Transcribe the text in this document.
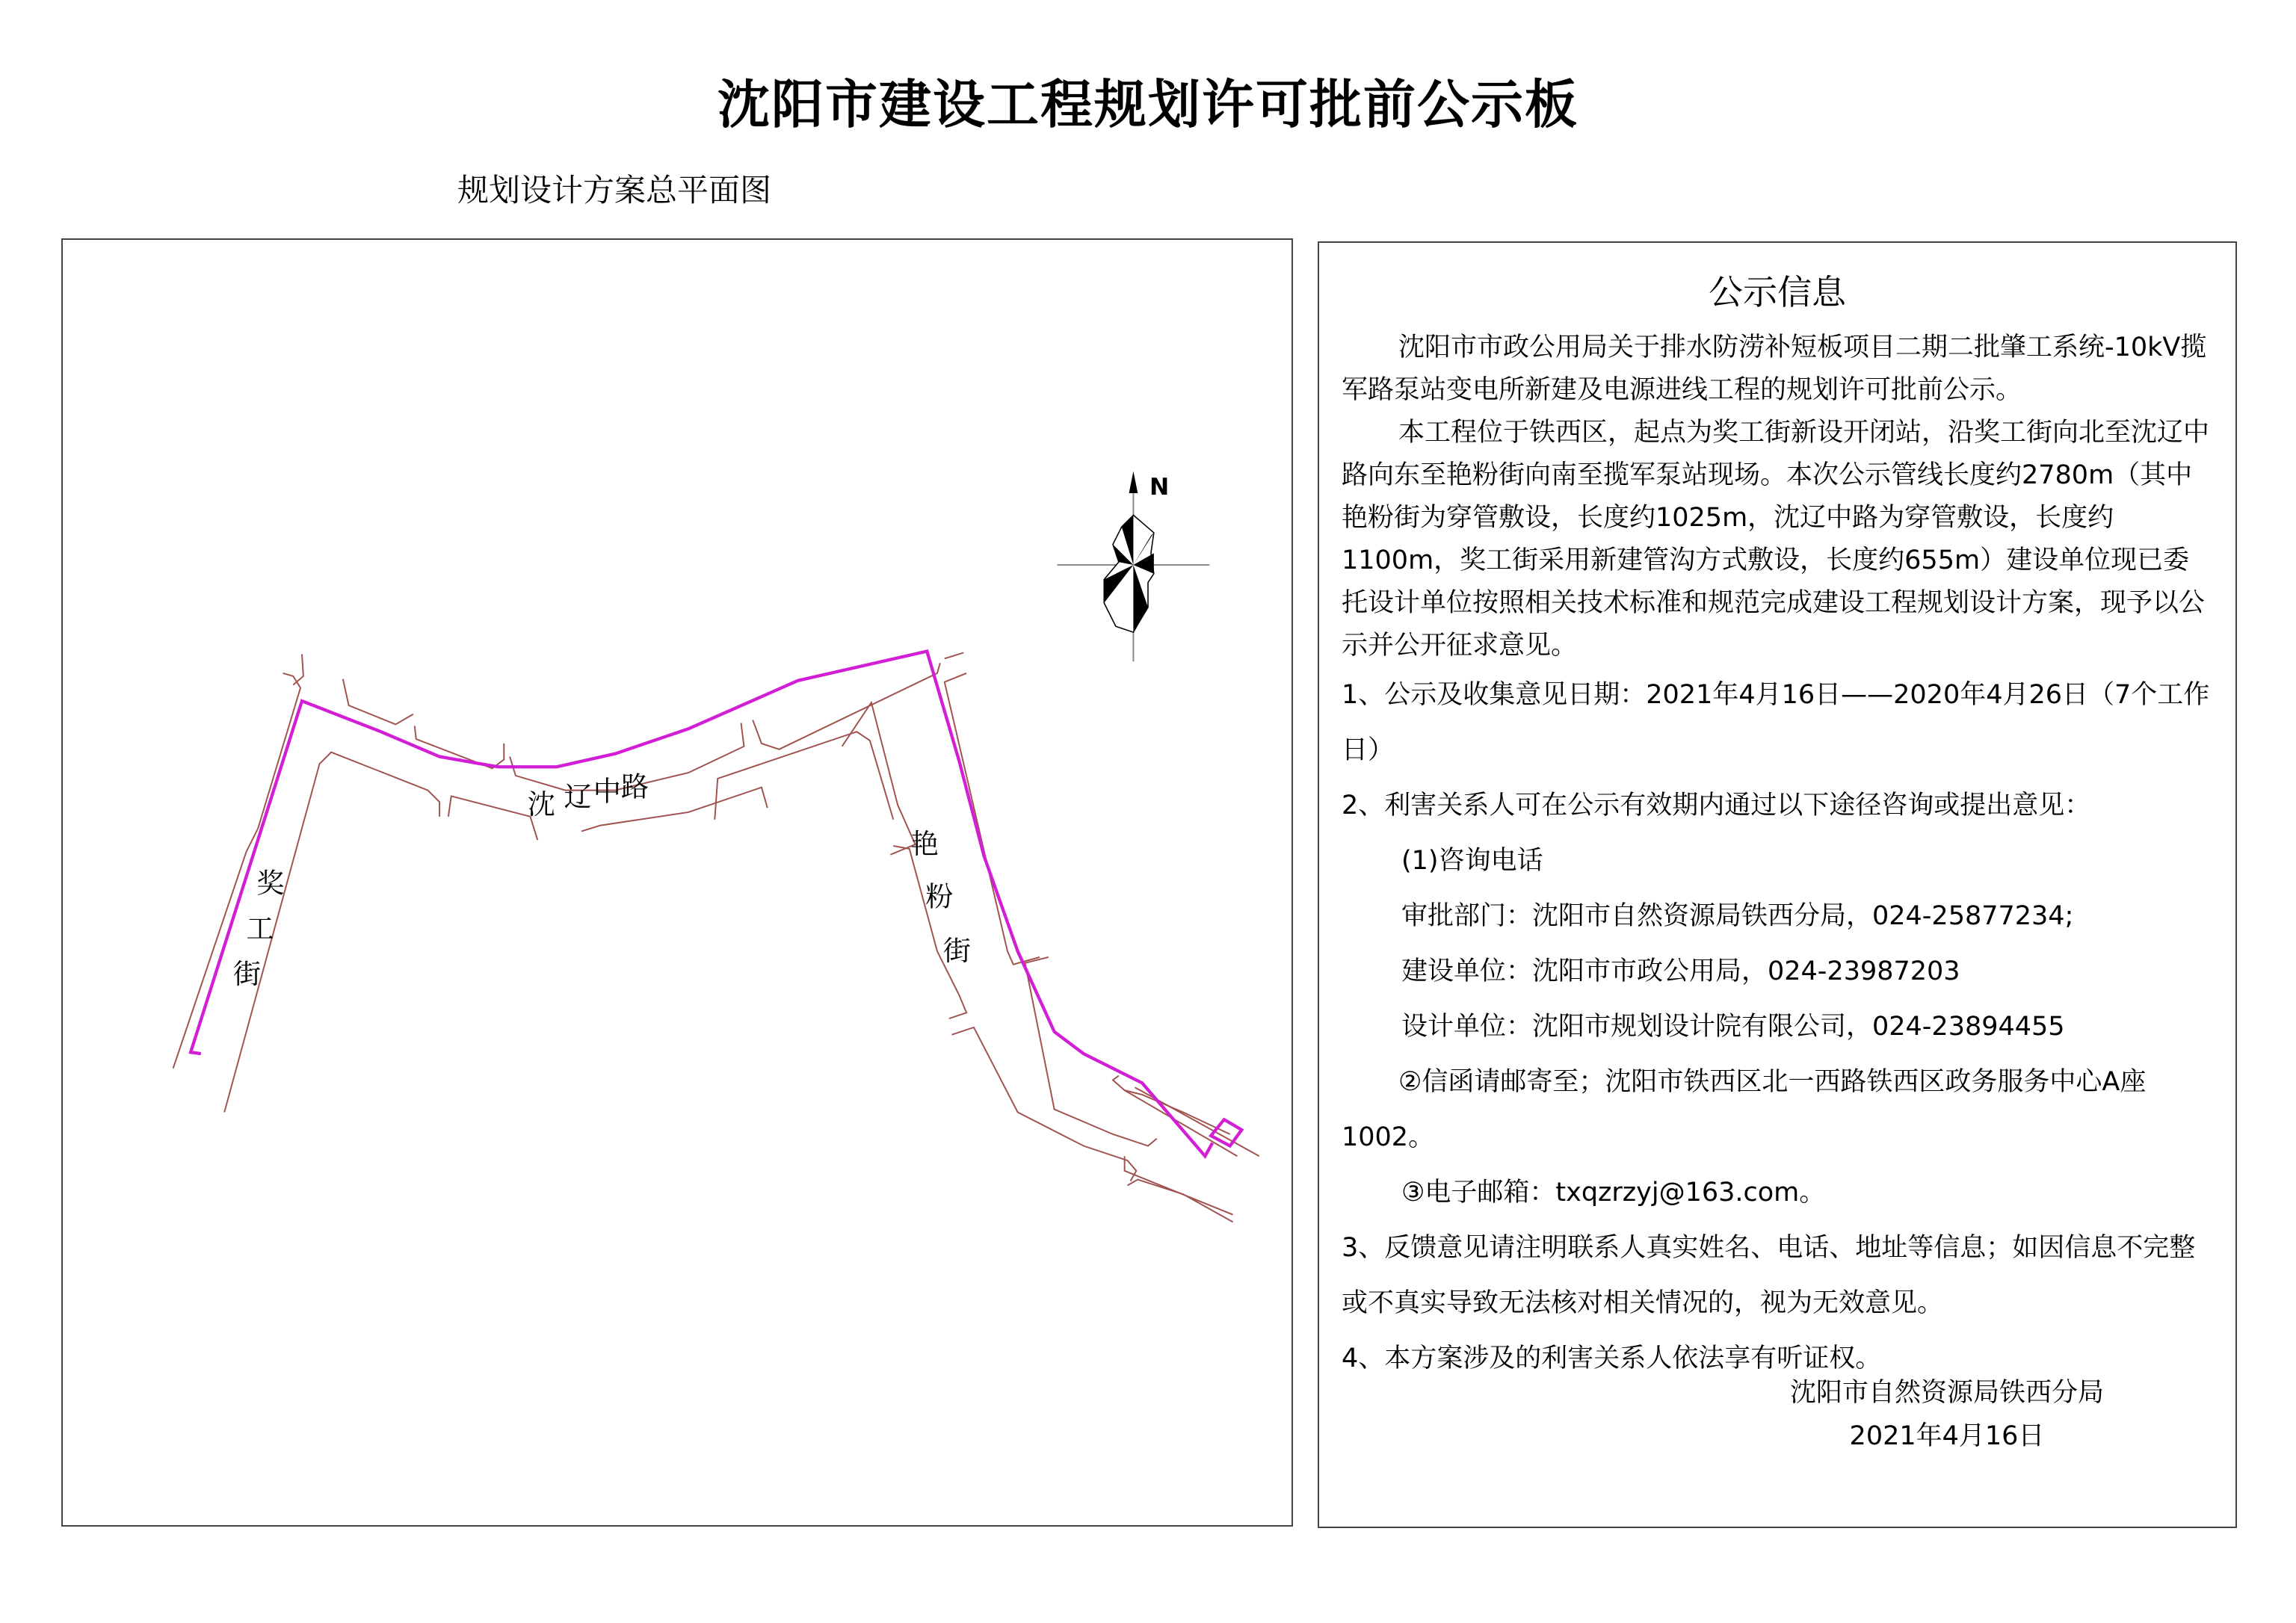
沈阳市建设工程规划许可批前公示板
规划设计方案总平面图
奖
工
街
沈 辽 中 路
艳
粉
街
N
公示信息

沈阳市市政公用局关于排水防涝补短板项目二期二批肇工系统-10kV揽军路泵站变电所新建及电源进线工程的规划许可批前公示。

本工程位于铁西区，起点为奖工街新设开闭站，沿奖工街向北至沈辽中路向东至艳粉街向南至揽军泵站现场。本次公示管线长度约2780m（其中艳粉街为穿管敷设，长度约1025m，沈辽中路为穿管敷设，长度约1100m，奖工街采用新建管沟方式敷设，长度约655m）建设单位现已委托设计单位按照相关技术标准和规范完成建设工程规划设计方案，现予以公示并公开征求意见。

1、公示及收集意见日期：2021年4月16日——2020年4月26日（7个工作日）

2、利害关系人可在公示有效期内通过以下途径咨询或提出意见：

(1)咨询电话

审批部门：沈阳市自然资源局铁西分局，024-25877234;

建设单位：沈阳市市政公用局，024-23987203

设计单位：沈阳市规划设计院有限公司，024-23894455

②信函请邮寄至；沈阳市铁西区北一西路铁西区政务服务中心A座1002。

③电子邮箱：txqzrzyj@163.com。

3、反馈意见请注明联系人真实姓名、电话、地址等信息；如因信息不完整或不真实导致无法核对相关情况的，视为无效意见。

4、本方案涉及的利害关系人依法享有听证权。

沈阳市自然资源局铁西分局
2021年4月16日
